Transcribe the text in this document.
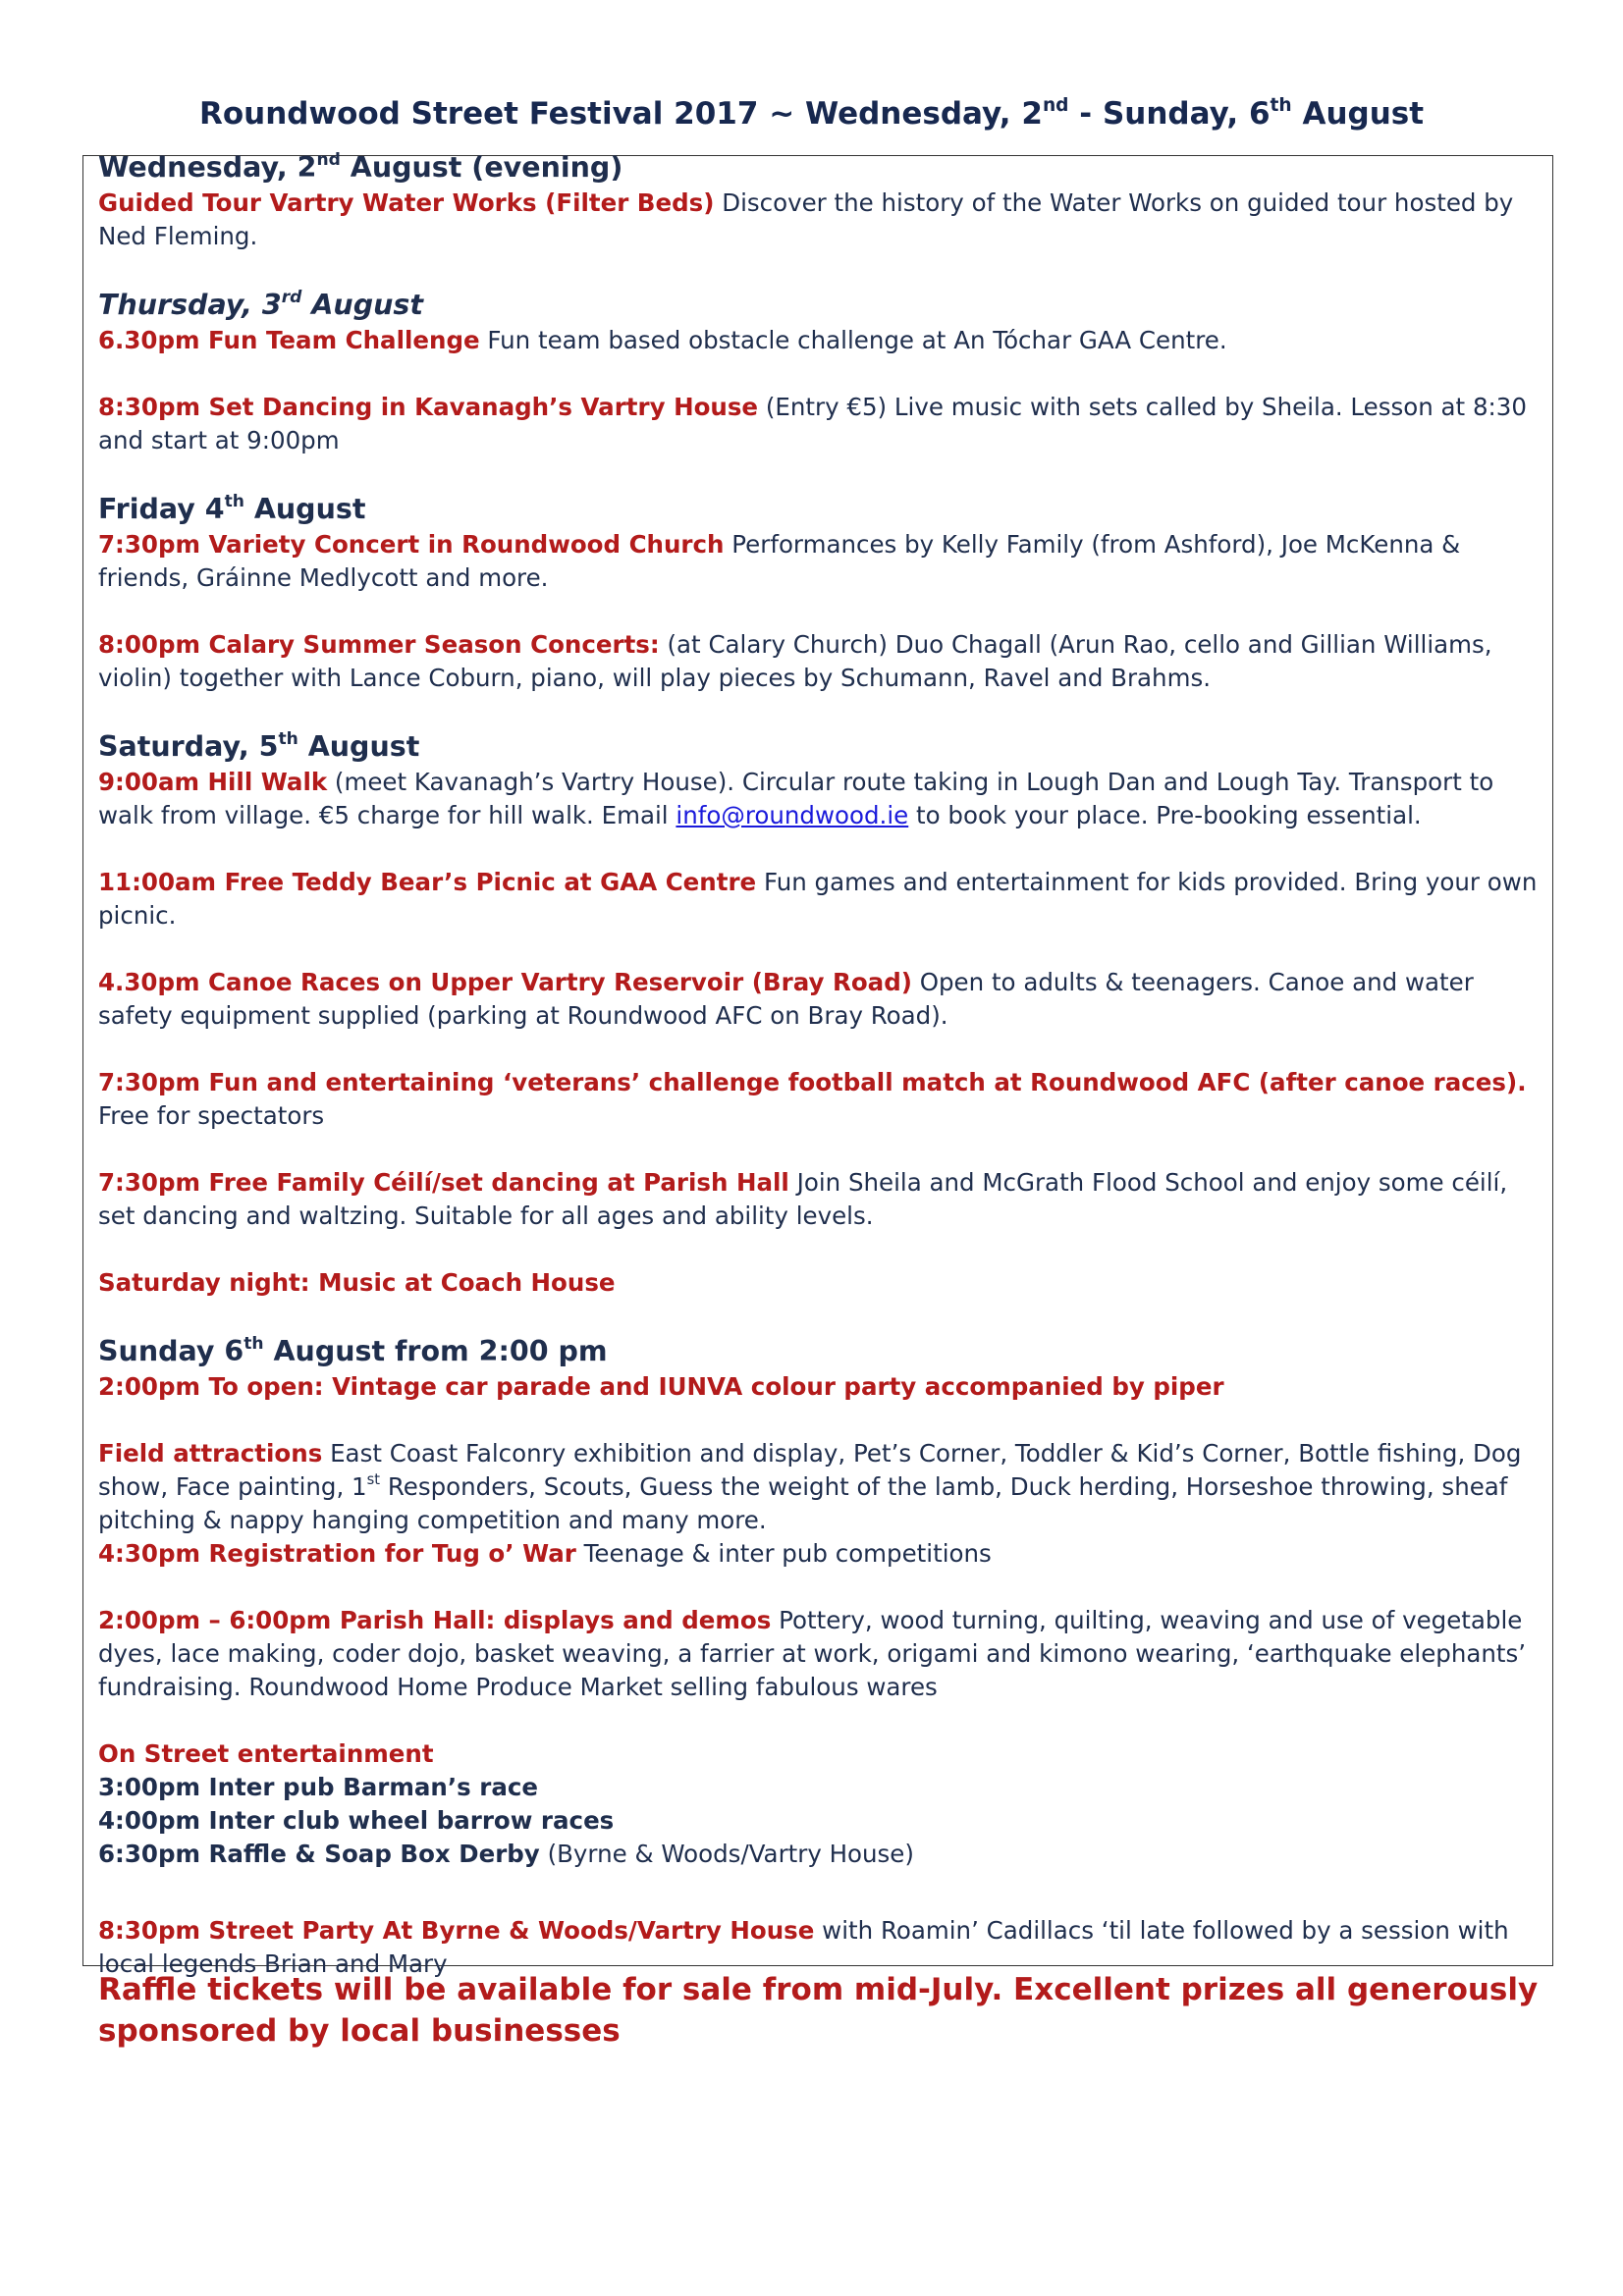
Roundwood Street Festival 2017 ~ Wednesday, 2nd - Sunday, 6th August

Wednesday, 2nd August (evening)

Guided Tour Vartry Water Works (Filter Beds) Discover the history of the Water Works on guided tour hosted by Ned Fleming.

Thursday, 3rd August

6.30pm Fun Team Challenge Fun team based obstacle challenge at An Tóchar GAA Centre.

8:30pm Set Dancing in Kavanagh’s Vartry House (Entry €5) Live music with sets called by Sheila. Lesson at 8:30 and start at 9:00pm

Friday 4th August

7:30pm Variety Concert in Roundwood Church Performances by Kelly Family (from Ashford), Joe McKenna & friends, Gráinne Medlycott and more.

8:00pm Calary Summer Season Concerts: (at Calary Church) Duo Chagall (Arun Rao, cello and Gillian Williams, violin) together with Lance Coburn, piano, will play pieces by Schumann, Ravel and Brahms.

Saturday, 5th August

9:00am Hill Walk (meet Kavanagh’s Vartry House). Circular route taking in Lough Dan and Lough Tay. Transport to walk from village. €5 charge for hill walk. Email info@roundwood.ie to book your place. Pre-booking essential.

11:00am Free Teddy Bear’s Picnic at GAA Centre Fun games and entertainment for kids provided. Bring your own picnic.

4.30pm Canoe Races on Upper Vartry Reservoir (Bray Road) Open to adults & teenagers. Canoe and water safety equipment supplied (parking at Roundwood AFC on Bray Road).

7:30pm Fun and entertaining ‘veterans’ challenge football match at Roundwood AFC (after canoe races). Free for spectators

7:30pm Free Family Céilí/set dancing at Parish Hall Join Sheila and McGrath Flood School and enjoy some céilí, set dancing and waltzing. Suitable for all ages and ability levels.

Saturday night: Music at Coach House

Sunday 6th August from 2:00 pm

2:00pm To open: Vintage car parade and IUNVA colour party accompanied by piper

Field attractions East Coast Falconry exhibition and display, Pet’s Corner, Toddler & Kid’s Corner, Bottle fishing, Dog show, Face painting, 1st Responders, Scouts, Guess the weight of the lamb, Duck herding, Horseshoe throwing, sheaf pitching & nappy hanging competition and many more.

4:30pm Registration for Tug o’ War Teenage & inter pub competitions

2:00pm – 6:00pm Parish Hall: displays and demos Pottery, wood turning, quilting, weaving and use of vegetable dyes, lace making, coder dojo, basket weaving, a farrier at work, origami and kimono wearing, ‘earthquake elephants’ fundraising. Roundwood Home Produce Market selling fabulous wares

On Street entertainment

3:00pm Inter pub Barman’s race

4:00pm Inter club wheel barrow races

6:30pm Raffle & Soap Box Derby (Byrne & Woods/Vartry House)

8:30pm Street Party At Byrne & Woods/Vartry House with Roamin’ Cadillacs ‘til late followed by a session with local legends Brian and Mary

Raffle tickets will be available for sale from mid-July. Excellent prizes all generously sponsored by local businesses
